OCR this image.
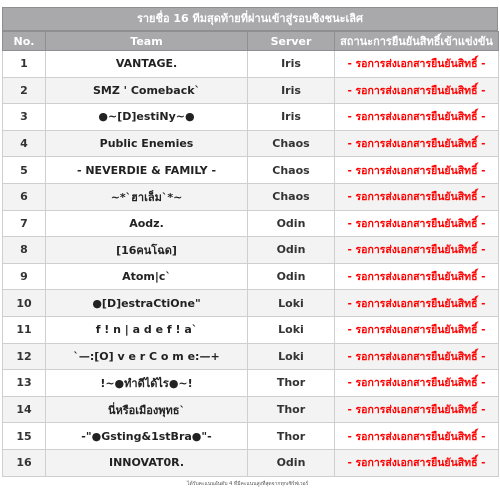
รายชื่อ 16 ทีมสุดท้ายที่ผ่านเข้าสู่รอบชิงชนะเลิศ
No.	Team	Server	สถานะการยืนยันสิทธิ์เข้าแข่งขัน
1	VANTAGE.	Iris	- รอการส่งเอกสารยืนยันสิทธิ์ -
2	SMZ ' Comeback`	Iris	- รอการส่งเอกสารยืนยันสิทธิ์ -
3	●~[D]estiNy~●	Iris	- รอการส่งเอกสารยืนยันสิทธิ์ -
4	Public Enemies	Chaos	- รอการส่งเอกสารยืนยันสิทธิ์ -
5	- NEVERDIE & FAMILY -	Chaos	- รอการส่งเอกสารยืนยันสิทธิ์ -
6	~*`ฮาเล็ม`*~	Chaos	- รอการส่งเอกสารยืนยันสิทธิ์ -
7	Aodz.	Odin	- รอการส่งเอกสารยืนยันสิทธิ์ -
8	[16คนโฉด]	Odin	- รอการส่งเอกสารยืนยันสิทธิ์ -
9	Atom|c`	Odin	- รอการส่งเอกสารยืนยันสิทธิ์ -
10	●[D]estraCtiOne"	Loki	- รอการส่งเอกสารยืนยันสิทธิ์ -
11	f ! n | a d e f ! a`	Loki	- รอการส่งเอกสารยืนยันสิทธิ์ -
12	`—:[O] v e r C o m e:—+	Loki	- รอการส่งเอกสารยืนยันสิทธิ์ -
13	!~●ทำดีได้ไร●~!	Thor	- รอการส่งเอกสารยืนยันสิทธิ์ -
14	นี่หรือเมืองพุทธ`	Thor	- รอการส่งเอกสารยืนยันสิทธิ์ -
15	-"●Gsting&1stBra●"-	Thor	- รอการส่งเอกสารยืนยันสิทธิ์ -
16	INNOVAT0R.	Odin	- รอการส่งเอกสารยืนยันสิทธิ์ -
ได้รับคะแนนอันดับ 4 ที่มีคะแนนสูงที่สุดจากทุกเซิร์ฟเวอร์
